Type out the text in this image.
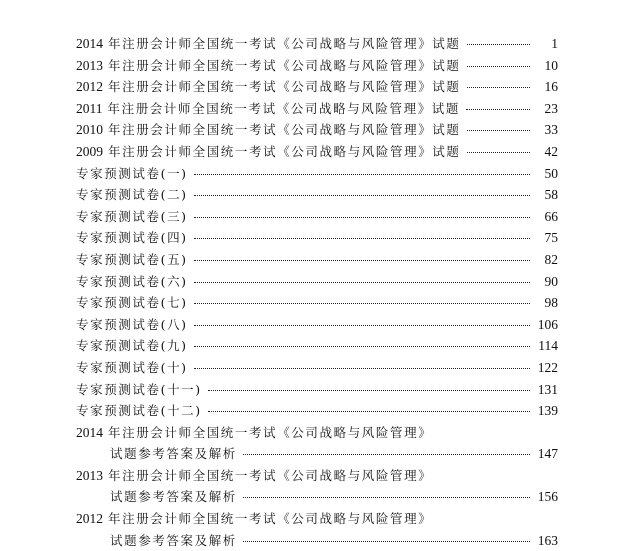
2014 年注册会计师全国统一考试《公司战略与风险管理》试题	1
2013 年注册会计师全国统一考试《公司战略与风险管理》试题	10
2012 年注册会计师全国统一考试《公司战略与风险管理》试题	16
2011 年注册会计师全国统一考试《公司战略与风险管理》试题	23
2010 年注册会计师全国统一考试《公司战略与风险管理》试题	33
2009 年注册会计师全国统一考试《公司战略与风险管理》试题	42
专家预测试卷(一)	50
专家预测试卷(二)	58
专家预测试卷(三)	66
专家预测试卷(四)	75
专家预测试卷(五)	82
专家预测试卷(六)	90
专家预测试卷(七)	98
专家预测试卷(八)	106
专家预测试卷(九)	114
专家预测试卷(十)	122
专家预测试卷(十一)	131
专家预测试卷(十二)	139
2014 年注册会计师全国统一考试《公司战略与风险管理》
试题参考答案及解析	147
2013 年注册会计师全国统一考试《公司战略与风险管理》
试题参考答案及解析	156
2012 年注册会计师全国统一考试《公司战略与风险管理》
试题参考答案及解析	163
